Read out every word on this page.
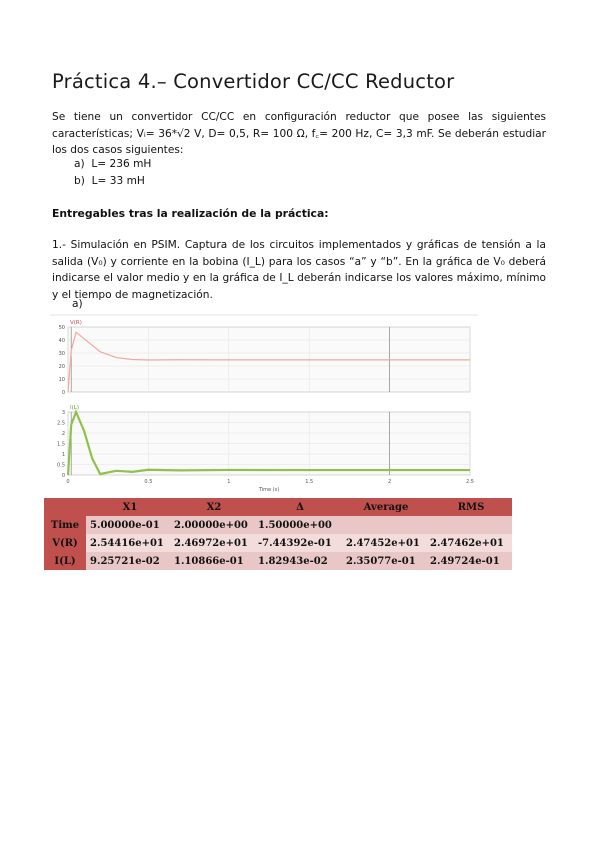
Práctica 4.– Convertidor CC/CC Reductor
Se tiene un convertidor CC/CC en configuración reductor que posee las siguientes características; Vᵢ= 36*√2 V, D= 0,5, R= 100 Ω, f꜀= 200 Hz, C= 3,3 mF. Se deberán estudiar los dos casos siguientes:
a) L= 236 mH
b) L= 33 mH
Entregables tras la realización de la práctica:
1.- Simulación en PSIM. Captura de los circuitos implementados y gráficas de tensión a la salida (V₀) y corriente en la bobina (I_L) para los casos “a” y “b”. En la gráfica de V₀ deberá indicarse el valor medio y en la gráfica de I_L deberán indicarse los valores máximo, mínimo y el tiempo de magnetización.
a)
50
40
30
20
10
0
V(R)
3
2.5
2
1.5
1
0.5
0
I(L)
0	0.5	1	1.5	2	2.5
Time (s)
	X1	X2	Δ	Average	RMS
Time	5.00000e-01	2.00000e+00	1.50000e+00		
V(R)	2.54416e+01	2.46972e+01	-7.44392e-01	2.47452e+01	2.47462e+01
I(L)	9.25721e-02	1.10866e-01	1.82943e-02	2.35077e-01	2.49724e-01
